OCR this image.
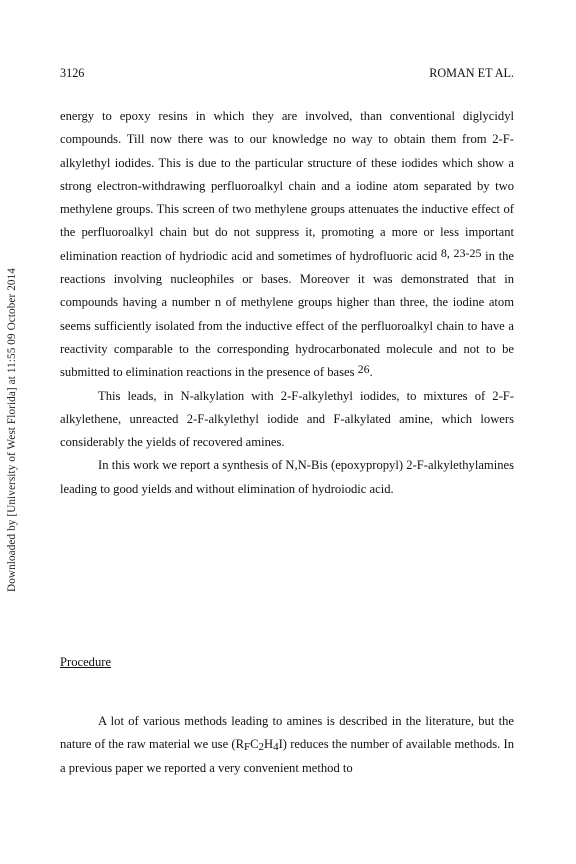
Downloaded by [University of West Florida] at 11:55 09 October 2014
3126	ROMAN ET AL.

energy to epoxy resins in which they are involved, than conventional diglycidyl compounds. Till now there was to our knowledge no way to obtain them from 2-F-alkylethyl iodides. This is due to the particular structure of these iodides which show a strong electron-withdrawing perfluoroalkyl chain and a iodine atom separated by two methylene groups. This screen of two methylene groups attenuates the inductive effect of the perfluoroalkyl chain but do not suppress it, promoting a more or less important elimination reaction of hydriodic acid and sometimes of hydrofluoric acid $^{8, 23-25}$ in the reactions involving nucleophiles or bases. Moreover it was demonstrated that in compounds having a number n of methylene groups higher than three, the iodine atom seems sufficiently isolated from the inductive effect of the perfluoroalkyl chain to have a reactivity comparable to the corresponding hydrocarbonated molecule and not to be submitted to elimination reactions in the presence of bases $^{26}$.

This leads, in N-alkylation with 2-F-alkylethyl iodides, to mixtures of 2-F-alkylethene, unreacted 2-F-alkylethyl iodide and F-alkylated amine, which lowers considerably the yields of recovered amines.

In this work we report a synthesis of N,N-Bis (epoxypropyl) 2-F-alkylethylamines leading to good yields and without elimination of hydroiodic acid.

Procedure

A lot of various methods leading to amines is described in the literature, but the nature of the raw material we use $(R_FC_2H_4I)$ reduces the number of available methods. In a previous paper we reported a very convenient method to
